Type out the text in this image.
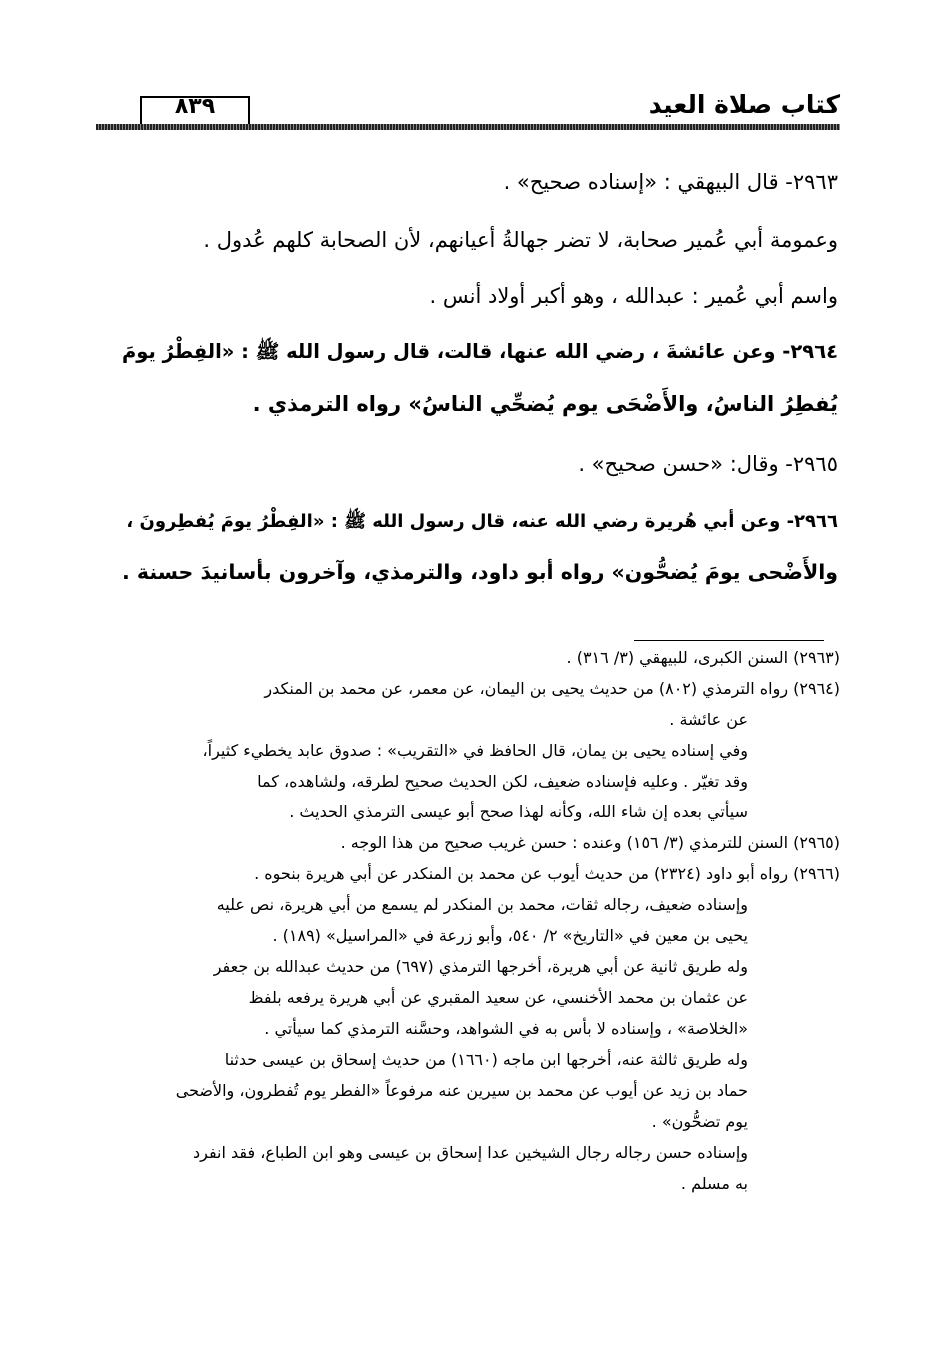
كتاب صلاة العيد
٨٣٩
٢٩٦٣- قال البيهقي : «إسناده صحيح» .
وعمومة أبي عُمير صحابة، لا تضر جهالةُ أعيانهم، لأن الصحابة كلهم عُدول .
واسم أبي عُمير : عبدالله ، وهو أكبر أولاد أنس .
٢٩٦٤- وعن عائشةَ ، رضي الله عنها، قالت، قال رسول الله ﷺ : «الفِطْرُ يومَ
يُفطِرُ الناسُ، والأَضْحَى يوم يُضحِّي الناسُ» رواه الترمذي .
٢٩٦٥- وقال: «حسن صحيح» .
٢٩٦٦- وعن أبي هُريرة رضي الله عنه، قال رسول الله ﷺ : «الفِطْرُ يومَ يُفطِرونَ ،
والأَضْحى يومَ يُضحُّون» رواه أبو داود، والترمذي، وآخرون بأسانيدَ حسنة .
(٢٩٦٣) السنن الكبرى، للبيهقي (٣/ ٣١٦) .
(٢٩٦٤) رواه الترمذي (٨٠٢) من حديث يحيى بن اليمان، عن معمر، عن محمد بن المنكدر
عن عائشة .
وفي إسناده يحيى بن يمان، قال الحافظ في «التقريب» : صدوق عابد يخطيء كثيراً،
وقد تغيّر . وعليه فإسناده ضعيف، لكن الحديث صحيح لطرقه، ولشاهده، كما
سيأتي بعده إن شاء الله، وكأنه لهذا صحح أبو عيسى الترمذي الحديث .
(٢٩٦٥) السنن للترمذي (٣/ ١٥٦) وعنده : حسن غريب صحيح من هذا الوجه .
(٢٩٦٦) رواه أبو داود (٢٣٢٤) من حديث أيوب عن محمد بن المنكدر عن أبي هريرة بنحوه .
وإسناده ضعيف، رجاله ثقات، محمد بن المنكدر لم يسمع من أبي هريرة، نص عليه
يحيى بن معين في «التاريخ» ٢/ ٥٤٠، وأبو زرعة في «المراسيل» (١٨٩) .
وله طريق ثانية عن أبي هريرة، أخرجها الترمذي (٦٩٧) من حديث عبدالله بن جعفر
عن عثمان بن محمد الأخنسي، عن سعيد المقبري عن أبي هريرة يرفعه بلفظ
«الخلاصة» ، وإسناده لا بأس به في الشواهد، وحسَّنه الترمذي كما سيأتي .
وله طريق ثالثة عنه، أخرجها ابن ماجه (١٦٦٠) من حديث إسحاق بن عيسى حدثنا
حماد بن زيد عن أيوب عن محمد بن سيرين عنه مرفوعاً «الفطر يوم تُفطرون، والأضحى
يوم تضحُّون» .
وإسناده حسن رجاله رجال الشيخين عدا إسحاق بن عيسى وهو ابن الطباع، فقد انفرد
به مسلم .
